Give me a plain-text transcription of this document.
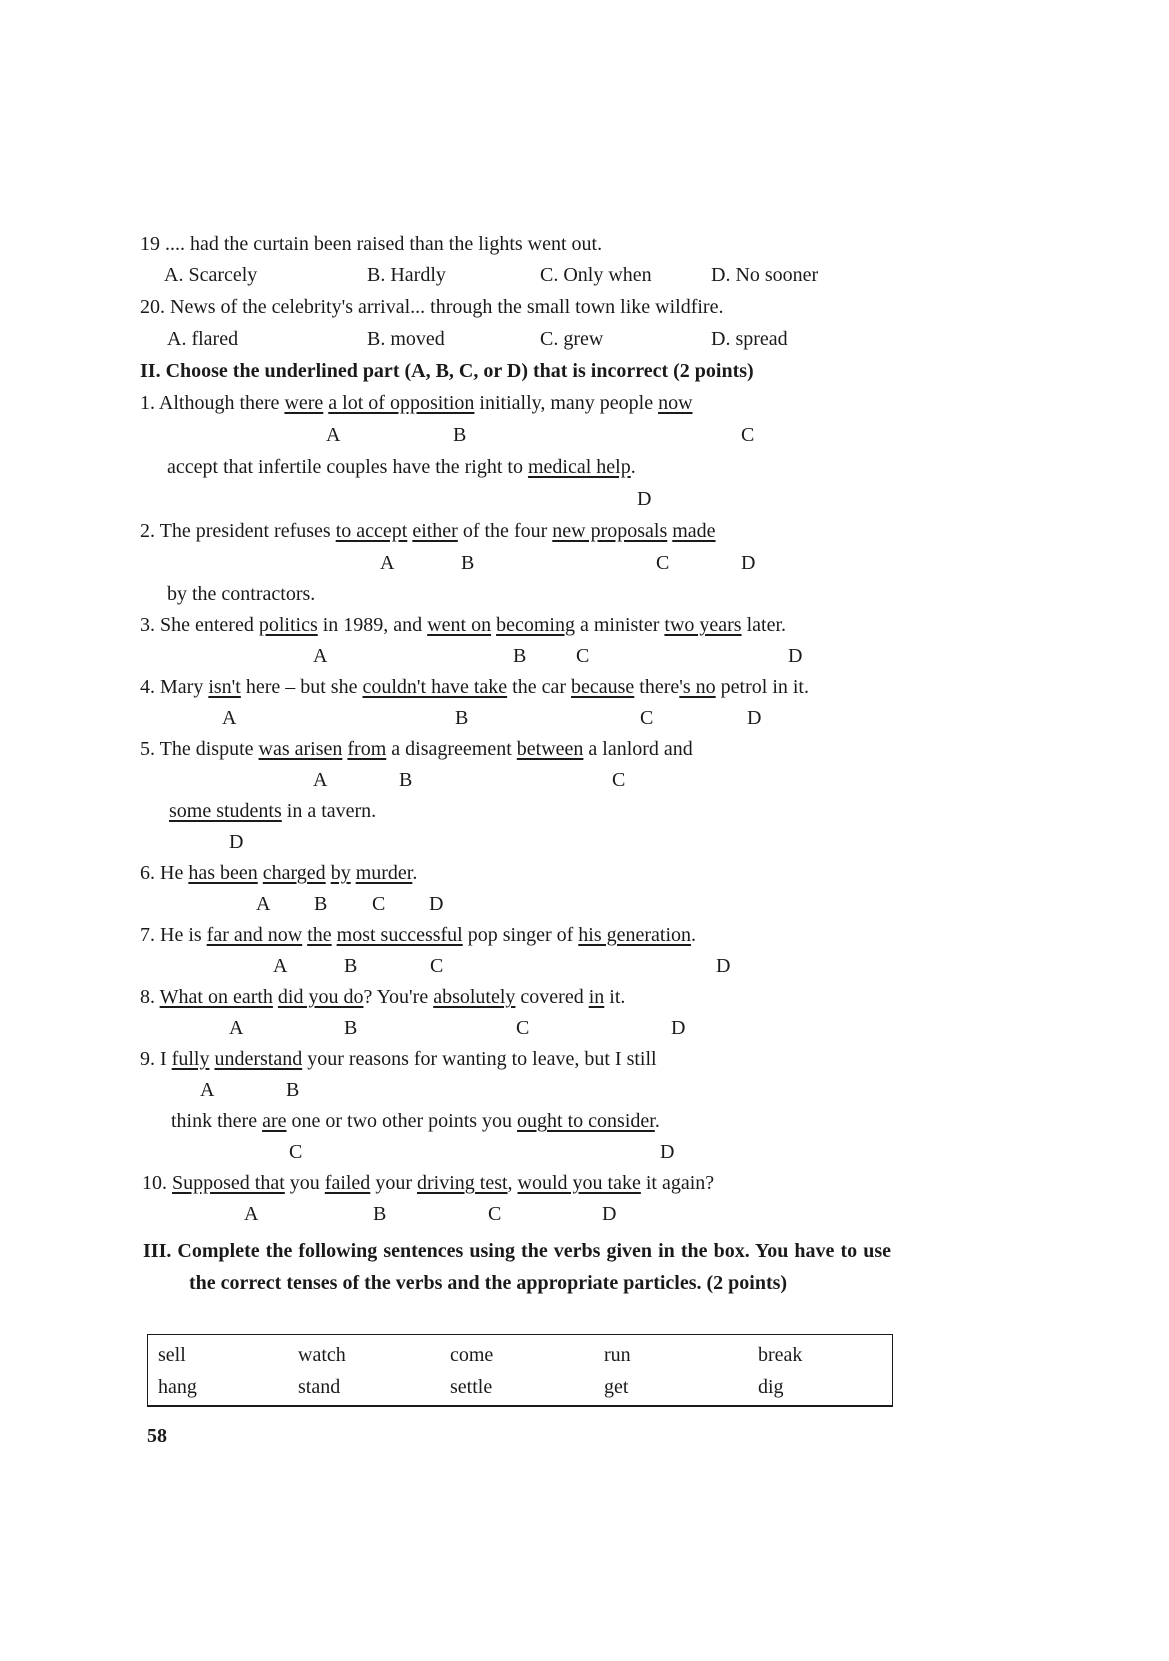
19 .... had the curtain been raised than the lights went out.
A. Scarcely	B. Hardly	C. Only when	D. No sooner
20. News of the celebrity's arrival... through the small town like wildfire.
A. flared	B. moved	C. grew	D. spread
II. Choose the underlined part (A, B, C, or D) that is incorrect (2 points)
1. Although there were a lot of opposition initially, many people now
A	B	C
accept that infertile couples have the right to medical help.
D
2. The president refuses to accept either of the four new proposals made
A	B	C	D
by the contractors.
3. She entered politics in 1989, and went on becoming a minister two years later.
A	B C	D
4. Mary isn't here – but she couldn't have take the car because there's no petrol in it.
A	B	C	D
5. The dispute was arisen from a disagreement between a lanlord and
A	B	C
some students in a tavern.
D
6. He has been charged by murder.
A B C D
7. He is far and now the most successful pop singer of his generation.
A	B	C	D
8. What on earth did you do? You're absolutely covered in it.
A	B	C	D
9. I fully understand your reasons for wanting to leave, but I still
A	B
think there are one or two other points you ought to consider.
C	D
10. Supposed that you failed your driving test, would you take it again?
A	B	C	D
III. Complete the following sentences using the verbs given in the box. You have to use the correct tenses of the verbs and the appropriate particles. (2 points)
sell	watch	come	run	break
hang	stand	settle	get	dig
58
